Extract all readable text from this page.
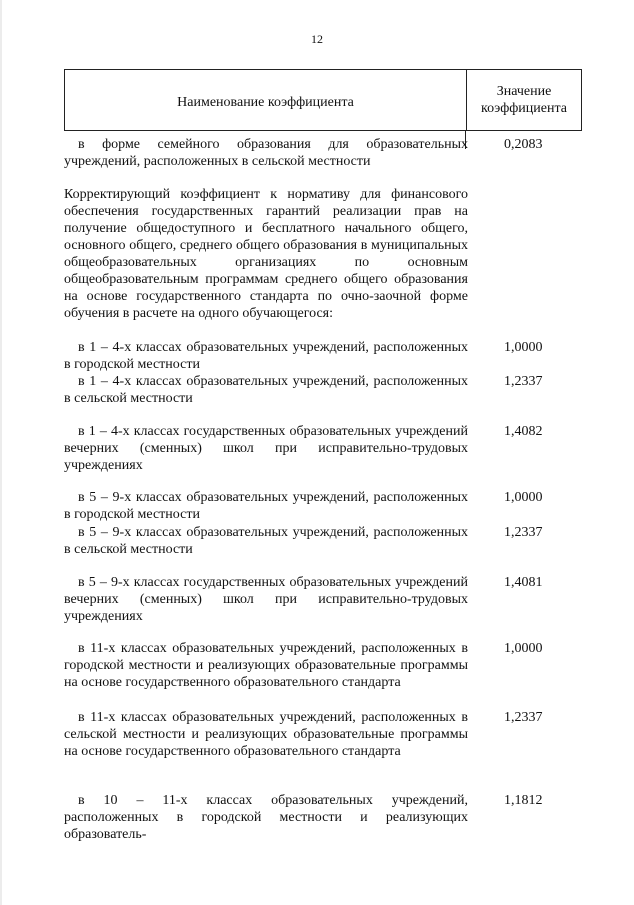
12
Наименование коэффициента
Значение коэффициента
в форме семейного образования для образовательных учреждений, расположенных в сельской местности
0,2083
Корректирующий коэффициент к нормативу для финансового обеспечения государственных гарантий реализации прав на получение общедоступного и бесплатного начального общего, основного общего, среднего общего образования в муниципальных общеобразовательных организациях по основным общеобразовательным программам среднего общего образования на основе государственного стандарта по очно-заочной форме обучения в расчете на одного обучающегося:
в 1 – 4-х классах образовательных учреждений, расположенных в городской местности
1,0000
в 1 – 4-х классах образовательных учреждений, расположенных в сельской местности
1,2337
в 1 – 4-х классах государственных образовательных учреждений вечерних (сменных) школ при исправительно-трудовых учреждениях
1,4082
в 5 – 9-х классах образовательных учреждений, расположенных в городской местности
1,0000
в 5 – 9-х классах образовательных учреждений, расположенных в сельской местности
1,2337
в 5 – 9-х классах государственных образовательных учреждений вечерних (сменных) школ при исправительно-трудовых учреждениях
1,4081
в 11-х классах образовательных учреждений, расположенных в городской местности и реализующих образовательные программы на основе государственного образовательного стандарта
1,0000
в 11-х классах образовательных учреждений, расположенных в сельской местности и реализующих образовательные программы на основе государственного образовательного стандарта
1,2337
в 10 – 11-х классах образовательных учреждений, расположенных в городской местности и реализующих образователь-
1,1812
